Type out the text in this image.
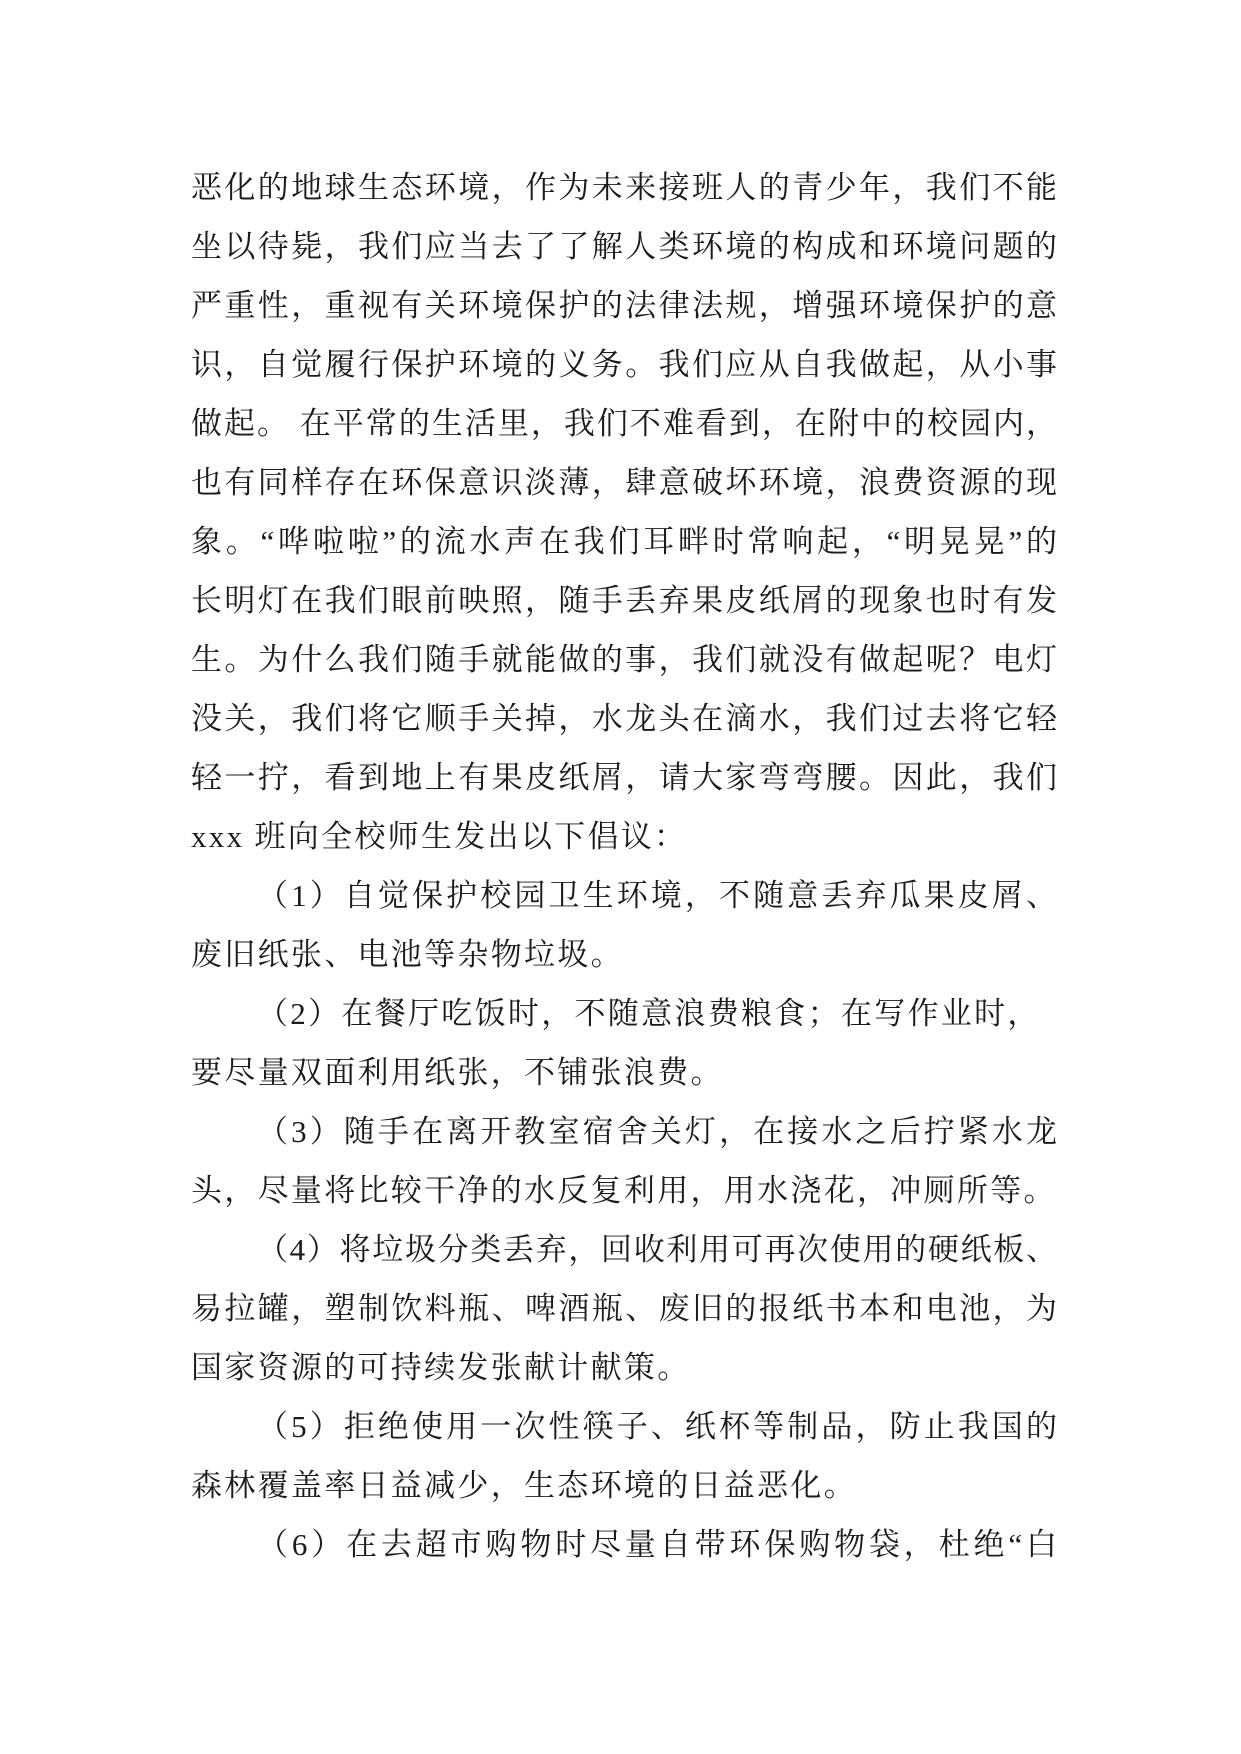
恶化的地球生态环境，作为未来接班人的青少年，我们不能
坐以待毙，我们应当去了了解人类环境的构成和环境问题的
严重性，重视有关环境保护的法律法规，增强环境保护的意
识，自觉履行保护环境的义务。我们应从自我做起，从小事
做起。 在平常的生活里，我们不难看到，在附中的校园内，
也有同样存在环保意识淡薄，肆意破坏环境，浪费资源的现
象。“哗啦啦”的流水声在我们耳畔时常响起，“明晃晃”的
长明灯在我们眼前映照，随手丢弃果皮纸屑的现象也时有发
生。为什么我们随手就能做的事，我们就没有做起呢？电灯
没关，我们将它顺手关掉，水龙头在滴水，我们过去将它轻
轻一拧，看到地上有果皮纸屑，请大家弯弯腰。因此，我们
xxx 班向全校师生发出以下倡议：
（1）自觉保护校园卫生环境，不随意丢弃瓜果皮屑、
废旧纸张、电池等杂物垃圾。
（2）在餐厅吃饭时，不随意浪费粮食；在写作业时，
要尽量双面利用纸张，不铺张浪费。
（3）随手在离开教室宿舍关灯，在接水之后拧紧水龙
头，尽量将比较干净的水反复利用，用水浇花，冲厕所等。
（4）将垃圾分类丢弃，回收利用可再次使用的硬纸板、
易拉罐，塑制饮料瓶、啤酒瓶、废旧的报纸书本和电池，为
国家资源的可持续发张献计献策。
（5）拒绝使用一次性筷子、纸杯等制品，防止我国的
森林覆盖率日益减少，生态环境的日益恶化。
（6）在去超市购物时尽量自带环保购物袋，杜绝“白
